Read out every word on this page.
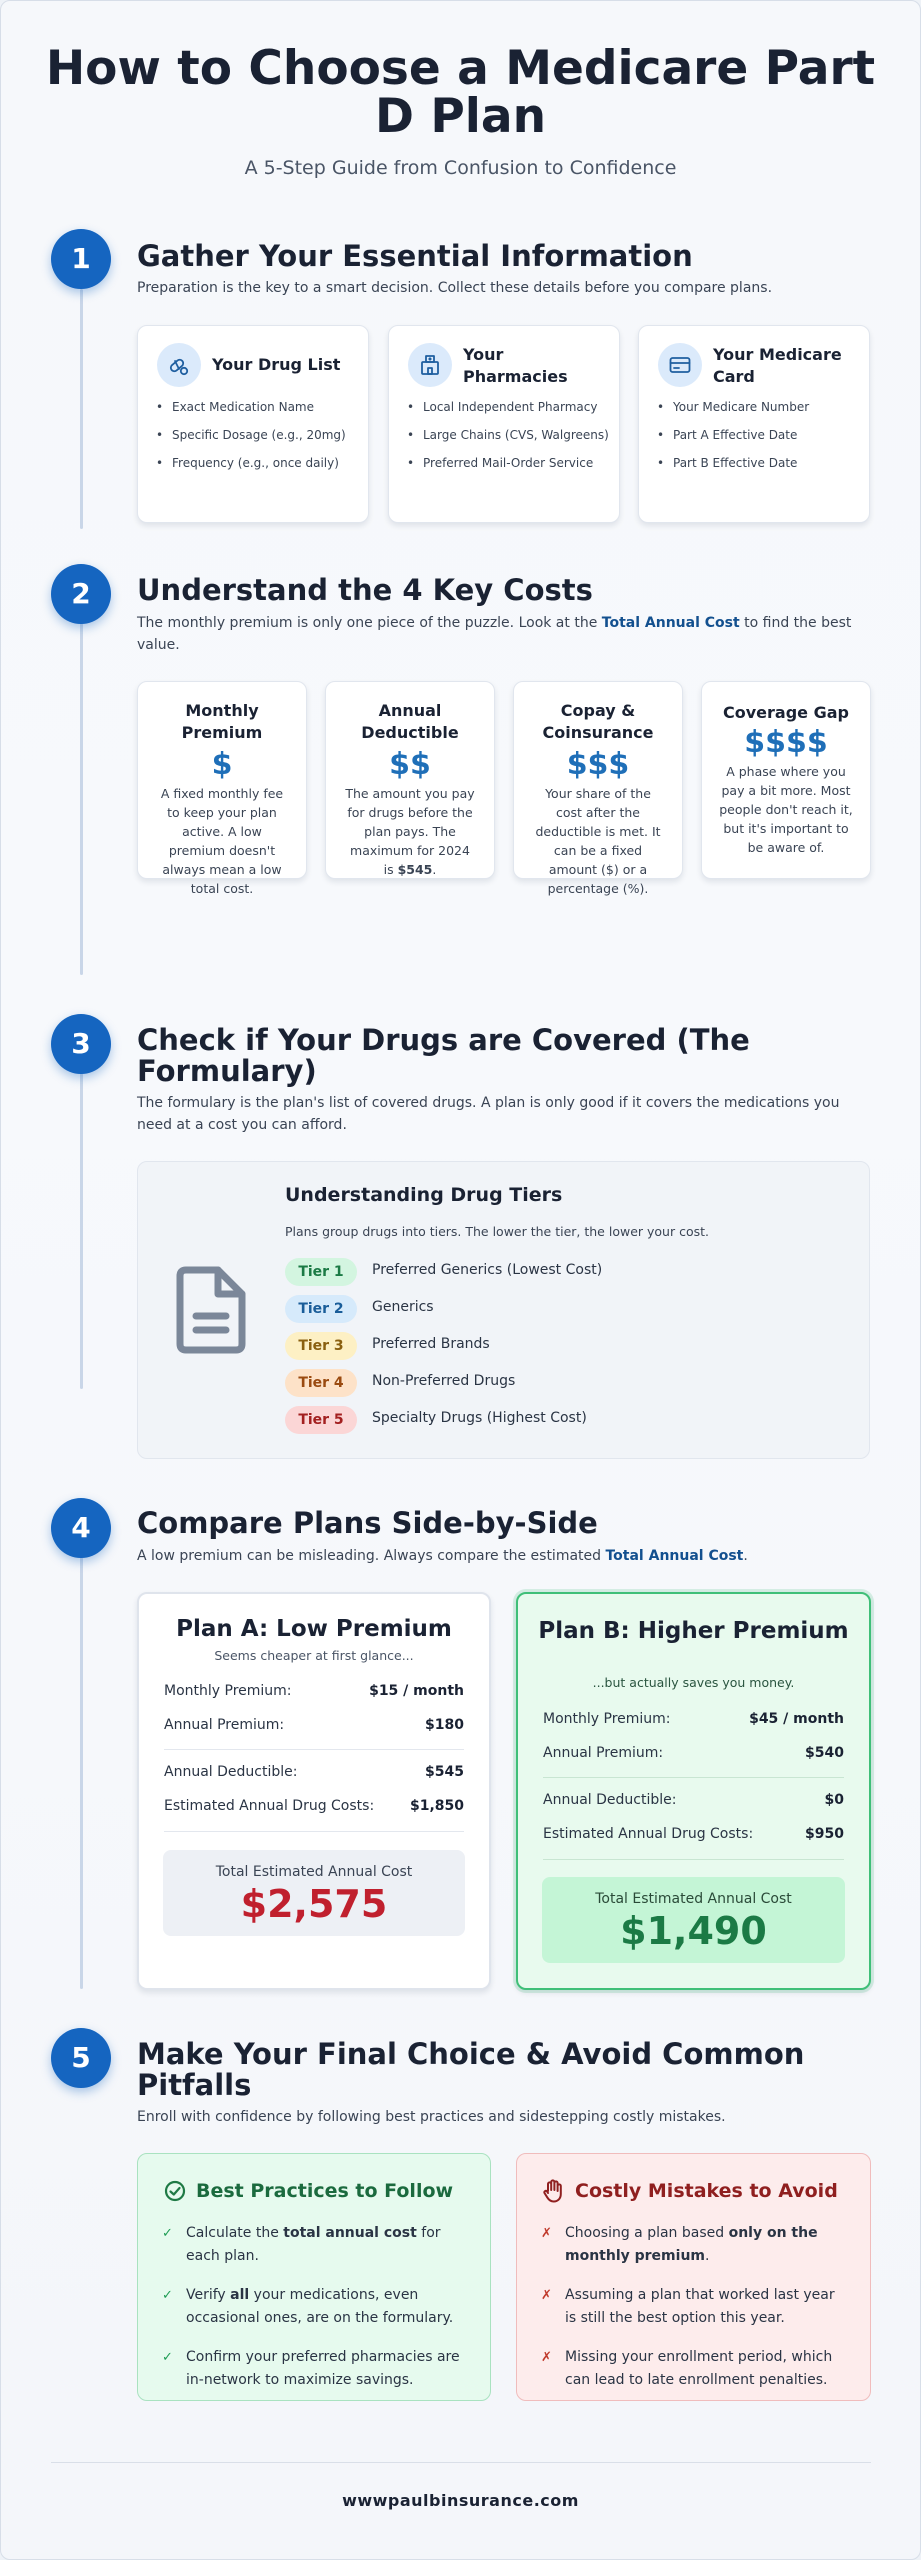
How to Choose a Medicare Part D Plan
A 5-Step Guide from Confusion to Confidence
1	Gather Your Essential Information
Preparation is the key to a smart decision. Collect these details before you compare plans.
Your Drug List
• Exact Medication Name
• Specific Dosage (e.g., 20mg)
• Frequency (e.g., once daily)
Your Pharmacies
• Local Independent Pharmacy
• Large Chains (CVS, Walgreens)
• Preferred Mail-Order Service
Your Medicare Card
• Your Medicare Number
• Part A Effective Date
• Part B Effective Date
2	Understand the 4 Key Costs
The monthly premium is only one piece of the puzzle. Look at the Total Annual Cost to find the best value.
Monthly Premium
$
A fixed monthly fee to keep your plan active. A low premium doesn't always mean a low total cost.
Annual Deductible
$$
The amount you pay for drugs before the plan pays. The maximum for 2024 is $545.
Copay & Coinsurance
$$$
Your share of the cost after the deductible is met. It can be a fixed amount ($) or a percentage (%).
Coverage Gap
$$$$
A phase where you pay a bit more. Most people don't reach it, but it's important to be aware of.
3	Check if Your Drugs are Covered (The Formulary)
The formulary is the plan's list of covered drugs. A plan is only good if it covers the medications you need at a cost you can afford.
Understanding Drug Tiers
Plans group drugs into tiers. The lower the tier, the lower your cost.
Tier 1	Preferred Generics (Lowest Cost)
Tier 2	Generics
Tier 3	Preferred Brands
Tier 4	Non-Preferred Drugs
Tier 5	Specialty Drugs (Highest Cost)
4	Compare Plans Side-by-Side
A low premium can be misleading. Always compare the estimated Total Annual Cost.
Plan A: Low Premium
Seems cheaper at first glance...
Monthly Premium:	$15 / month
Annual Premium:	$180
Annual Deductible:	$545
Estimated Annual Drug Costs:	$1,850
Total Estimated Annual Cost
$2,575
Plan B: Higher Premium
...but actually saves you money.
Monthly Premium:	$45 / month
Annual Premium:	$540
Annual Deductible:	$0
Estimated Annual Drug Costs:	$950
Total Estimated Annual Cost
$1,490
5	Make Your Final Choice & Avoid Common Pitfalls
Enroll with confidence by following best practices and sidestepping costly mistakes.
Best Practices to Follow
✓ Calculate the total annual cost for each plan.
✓ Verify all your medications, even occasional ones, are on the formulary.
✓ Confirm your preferred pharmacies are in-network to maximize savings.
Costly Mistakes to Avoid
✗ Choosing a plan based only on the monthly premium.
✗ Assuming a plan that worked last year is still the best option this year.
✗ Missing your enrollment period, which can lead to late enrollment penalties.
wwwpaulbinsurance.com
